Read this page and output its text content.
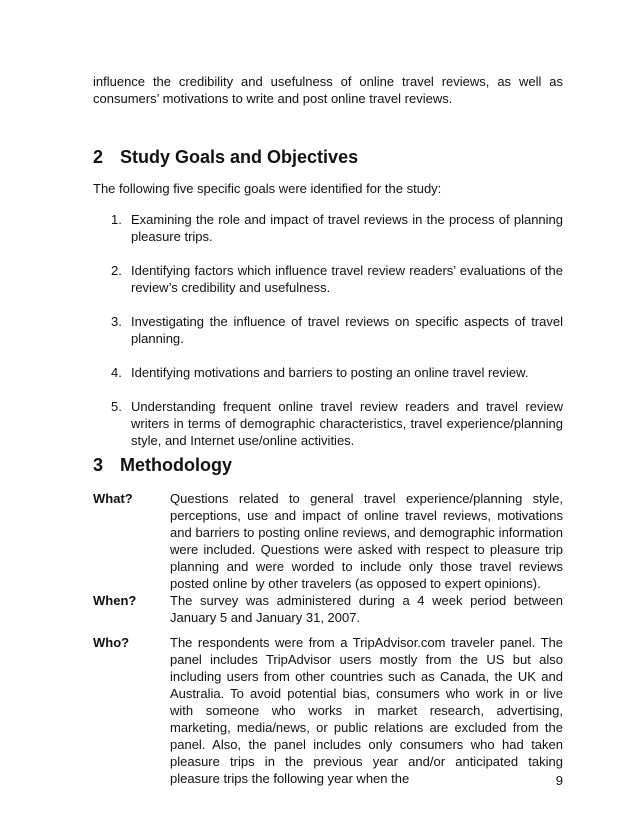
influence the credibility and usefulness of online travel reviews, as well as consumers’ motivations to write and post online travel reviews.

2 Study Goals and Objectives

The following five specific goals were identified for the study:

1. Examining the role and impact of travel reviews in the process of planning pleasure trips.
2. Identifying factors which influence travel review readers’ evaluations of the review’s credibility and usefulness.
3. Investigating the influence of travel reviews on specific aspects of travel planning.
4. Identifying motivations and barriers to posting an online travel review.
5. Understanding frequent online travel review readers and travel review writers in terms of demographic characteristics, travel experience/planning style, and Internet use/online activities.
3 Methodology
What?	Questions related to general travel experience/planning style, perceptions, use and impact of online travel reviews, motivations and barriers to posting online reviews, and demographic information were included. Questions were asked with respect to pleasure trip planning and were worded to include only those travel reviews posted online by other travelers (as opposed to expert opinions).

When?	The survey was administered during a 4 week period between January 5 and January 31, 2007.

Who?	The respondents were from a TripAdvisor.com traveler panel. The panel includes TripAdvisor users mostly from the US but also including users from other countries such as Canada, the UK and Australia. To avoid potential bias, consumers who work in or live with someone who works in market research, advertising, marketing, media/news, or public relations are excluded from the panel. Also, the panel includes only consumers who had taken pleasure trips in the previous year and/or anticipated taking pleasure trips the following year when the	9
